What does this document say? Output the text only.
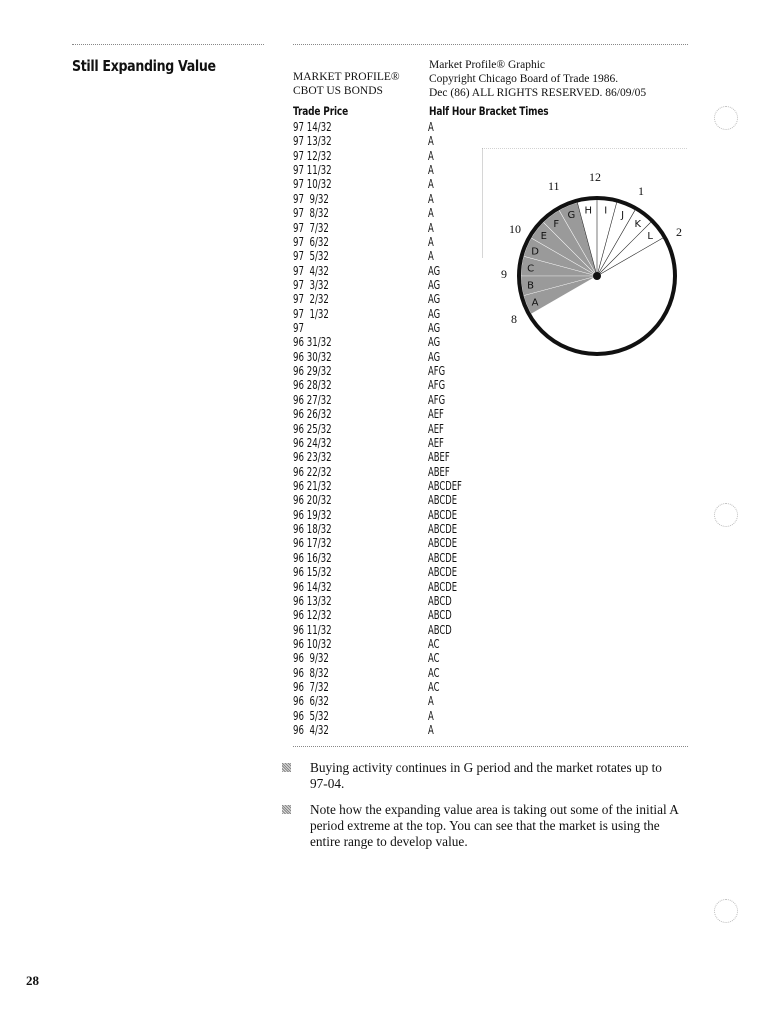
Still Expanding Value	Market Profile® Graphic
Copyright Chicago Board of Trade 1986.
Dec (86) ALL RIGHTS RESERVED. 86/09/05
MARKET PROFILE®
CBOT US BONDS
Trade Price	Half Hour Bracket Times
97 14/32	A
97 13/32	A
97 12/32	A
97 11/32	A
97 10/32	A
97  9/32	A
97  8/32	A
97  7/32	A
97  6/32	A
97  5/32	A
97  4/32	AG
97  3/32	AG
97  2/32	AG
97  1/32	AG
97	AG
96 31/32	AG
96 30/32	AG
96 29/32	AFG
96 28/32	AFG
96 27/32	AFG
96 26/32	AEF
96 25/32	AEF
96 24/32	AEF
96 23/32	ABEF
96 22/32	ABEF
96 21/32	ABCDEF
96 20/32	ABCDE
96 19/32	ABCDE
96 18/32	ABCDE
96 17/32	ABCDE
96 16/32	ABCDE
96 15/32	ABCDE
96 14/32	ABCDE
96 13/32	ABCD
96 12/32	ABCD
96 11/32	ABCD
96 10/32	AC
96  9/32	AC
96  8/32	AC
96  7/32	AC
96  6/32	A
96  5/32	A
96  4/32	A
A
B
C
D
E
F
G H I J
K
L
12
1
2
8
9
10
11
Buying activity continues in G period and the market rotates up to 97-04.
Note how the expanding value area is taking out some of the initial A period extreme at the top. You can see that the market is using the entire range to develop value.
28
